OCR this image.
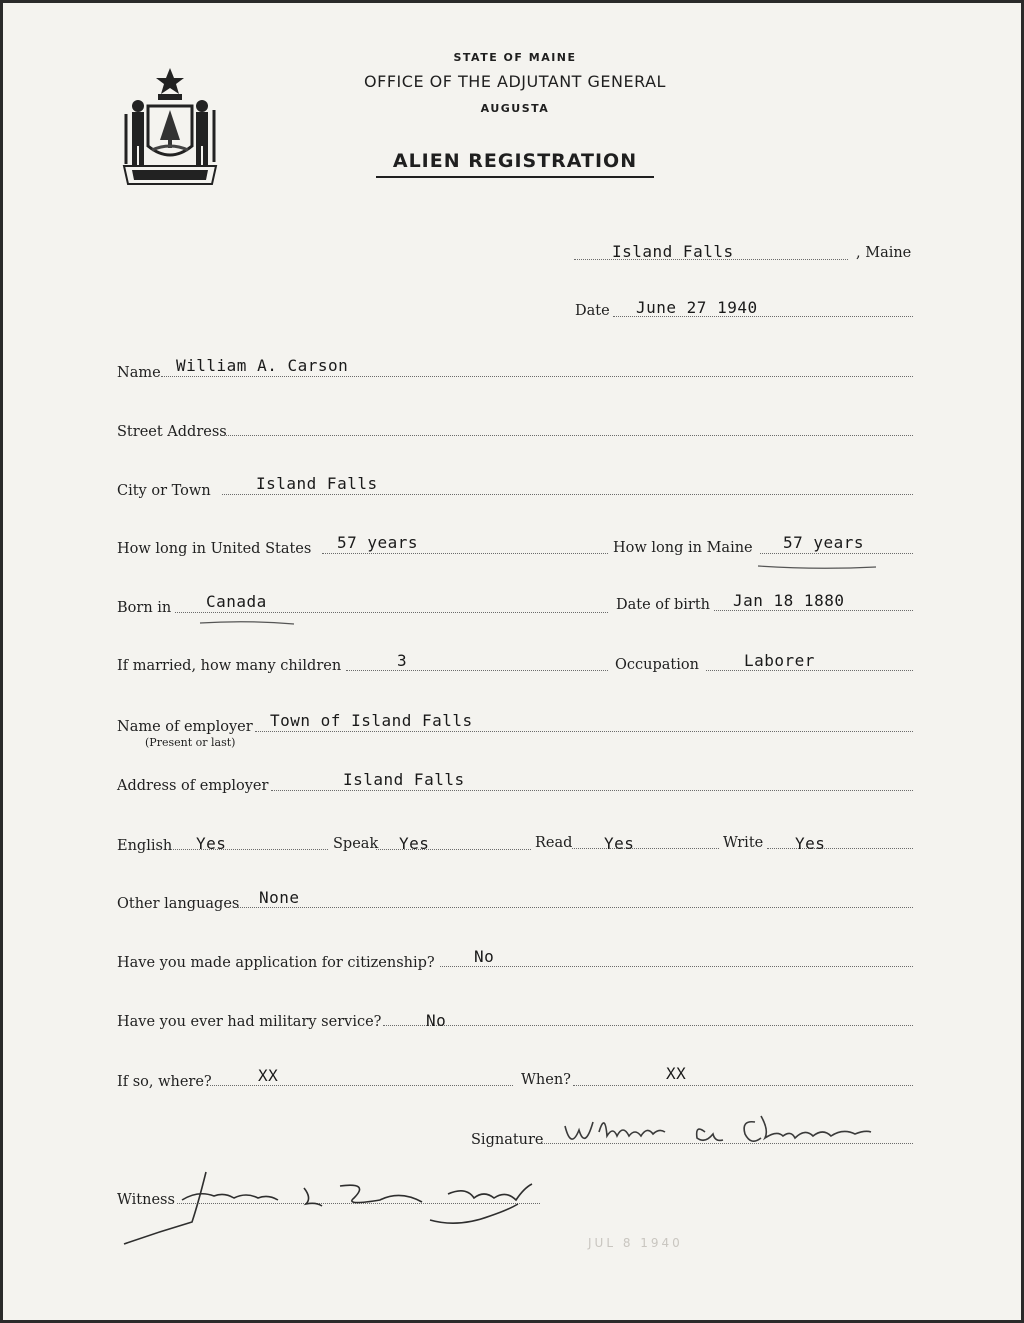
STATE OF MAINE
OFFICE OF THE ADJUTANT GENERAL
AUGUSTA
ALIEN REGISTRATION
Island Falls	, Maine
Date June 27 1940
Name William A. Carson
Street Address
City or Town	Island Falls
How long in United States 57 years	How long in Maine 57 years
Born in Canada	Date of birth Jan 18 1880
If married, how many children	3	Occupation	Laborer
Name of employer
(Present or last)
Town of Island Falls
Address of employer	Island Falls
English Yes	Speak Yes	Read Yes	Write Yes
Other languages None
Have you made application for citizenship? No
Have you ever had military service?	No
If so, where?	XX	When?	XX
Signature
Witness
JUL 8 1940
